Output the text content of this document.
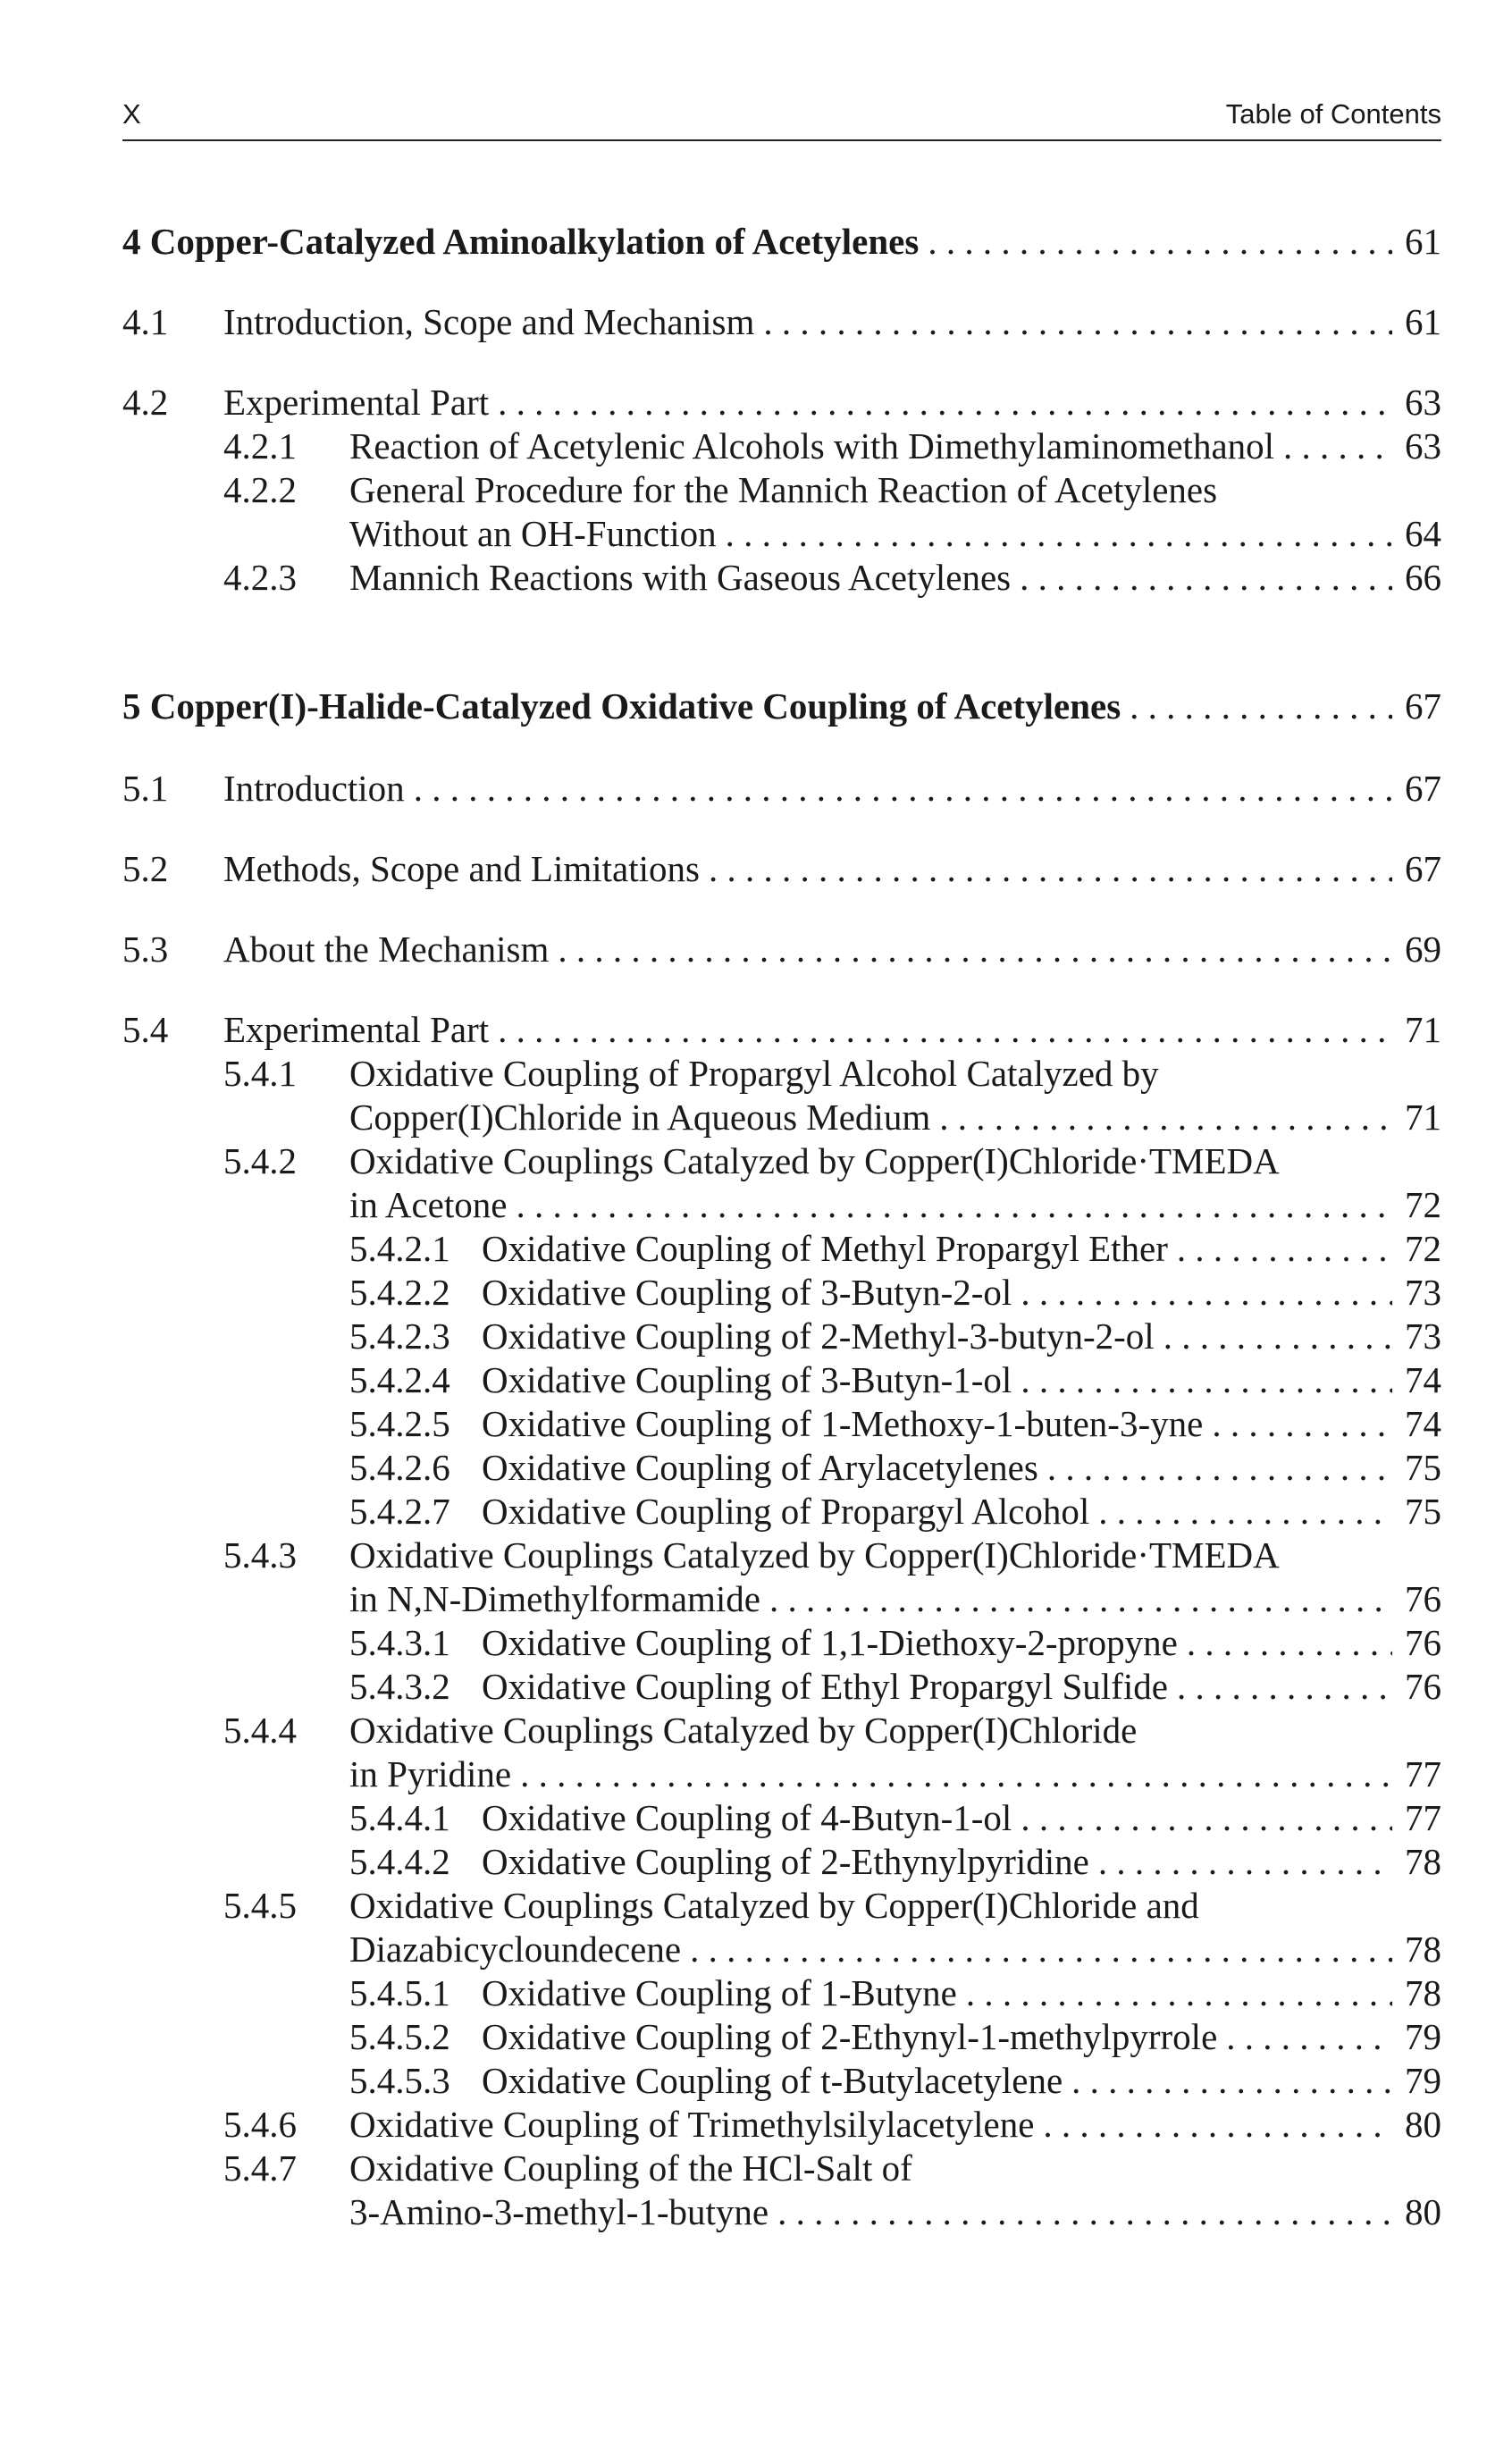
X	Table of Contents
4 Copper-Catalyzed Aminoalkylation of Acetylenes . . .	61
4.1	Introduction, Scope and Mechanism . . .	61
4.2	Experimental Part . . .	63
4.2.1	Reaction of Acetylenic Alcohols with Dimethylaminomethanol . . .	63
4.2.2	General Procedure for the Mannich Reaction of Acetylenes
Without an OH-Function . . .	64
4.2.3	Mannich Reactions with Gaseous Acetylenes . . .	66
5 Copper(I)-Halide-Catalyzed Oxidative Coupling of Acetylenes . . .	67
5.1	Introduction . . .	67
5.2	Methods, Scope and Limitations . . .	67
5.3	About the Mechanism . . .	69
5.4	Experimental Part . . .	71
5.4.1	Oxidative Coupling of Propargyl Alcohol Catalyzed by
Copper(I)Chloride in Aqueous Medium . . .	71
5.4.2	Oxidative Couplings Catalyzed by Copper(I)Chloride·TMEDA
in Acetone . . .	72
5.4.2.1 Oxidative Coupling of Methyl Propargyl Ether . . .	72
5.4.2.2 Oxidative Coupling of 3-Butyn-2-ol . . .	73
5.4.2.3 Oxidative Coupling of 2-Methyl-3-butyn-2-ol . . .	73
5.4.2.4 Oxidative Coupling of 3-Butyn-1-ol . . .	74
5.4.2.5 Oxidative Coupling of 1-Methoxy-1-buten-3-yne . . .	74
5.4.2.6 Oxidative Coupling of Arylacetylenes . . .	75
5.4.2.7 Oxidative Coupling of Propargyl Alcohol . . .	75
5.4.3	Oxidative Couplings Catalyzed by Copper(I)Chloride·TMEDA
in N,N-Dimethylformamide . . .	76
5.4.3.1 Oxidative Coupling of 1,1-Diethoxy-2-propyne . . .	76
5.4.3.2 Oxidative Coupling of Ethyl Propargyl Sulfide . . .	76
5.4.4	Oxidative Couplings Catalyzed by Copper(I)Chloride
in Pyridine . . .	77
5.4.4.1 Oxidative Coupling of 4-Butyn-1-ol . . .	77
5.4.4.2 Oxidative Coupling of 2-Ethynylpyridine . . .	78
5.4.5	Oxidative Couplings Catalyzed by Copper(I)Chloride and
Diazabicycloundecene . . .	78
5.4.5.1 Oxidative Coupling of 1-Butyne . . .	78
5.4.5.2 Oxidative Coupling of 2-Ethynyl-1-methylpyrrole . . .	79
5.4.5.3 Oxidative Coupling of t-Butylacetylene . . .	79
5.4.6	Oxidative Coupling of Trimethylsilylacetylene . . .	80
5.4.7	Oxidative Coupling of the HCl-Salt of
3-Amino-3-methyl-1-butyne . . .	80
